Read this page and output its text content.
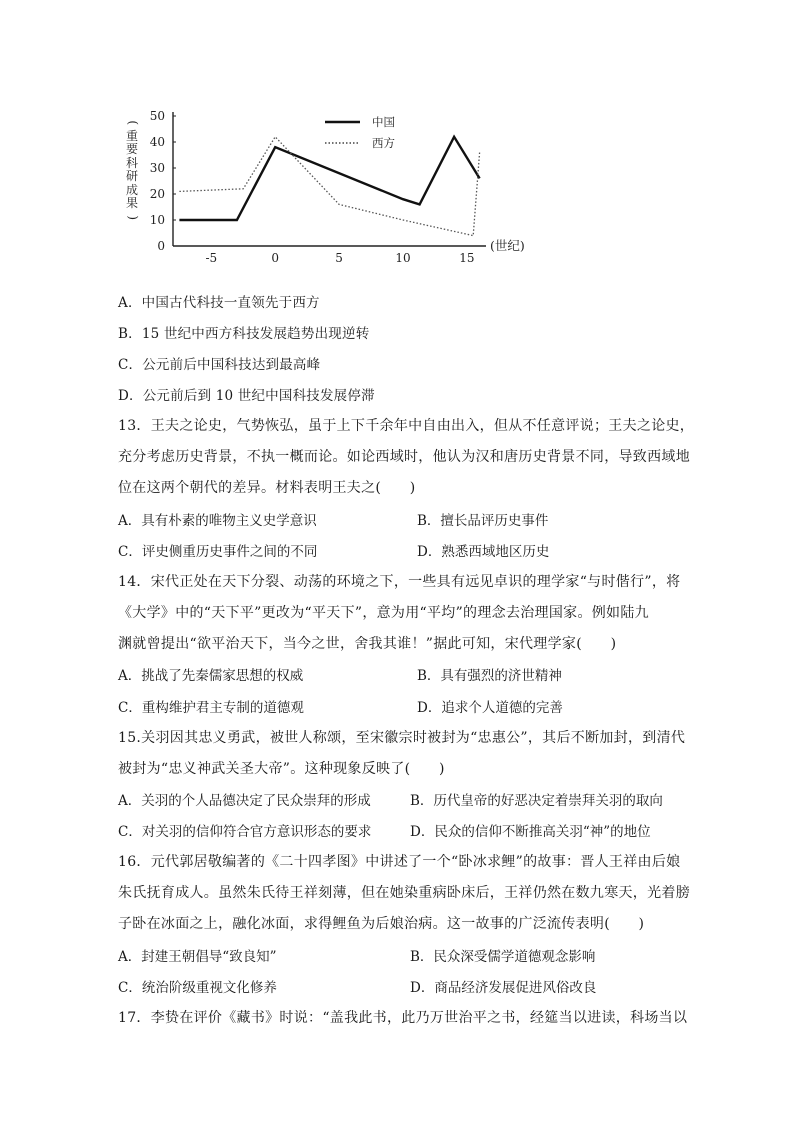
0
10
20
30
40
50
-5	0	5	10	15
(世纪)
中国
西方
(
重
要
科
研
成
果
)
A．中国古代科技一直领先于西方
B．15 世纪中西方科技发展趋势出现逆转
C．公元前后中国科技达到最高峰
D．公元前后到 10 世纪中国科技发展停滞
13．王夫之论史，气势恢弘，虽于上下千余年中自由出入，但从不任意评说；王夫之论史，
充分考虑历史背景，不执一概而论。如论西域时，他认为汉和唐历史背景不同，导致西域地
位在这两个朝代的差异。材料表明王夫之(　　)
A．具有朴素的唯物主义史学意识	B．擅长品评历史事件
C．评史侧重历史事件之间的不同	D．熟悉西域地区历史
14．宋代正处在天下分裂、动荡的环境之下，一些具有远见卓识的理学家“与时偕行”，将
《大学》中的“天下平”更改为“平天下”，意为用“平均”的理念去治理国家。例如陆九
渊就曾提出“欲平治天下，当今之世，舍我其谁！”据此可知，宋代理学家(　　)
A．挑战了先秦儒家思想的权威	B．具有强烈的济世精神
C．重构维护君主专制的道德观	D．追求个人道德的完善
15.关羽因其忠义勇武，被世人称颂，至宋徽宗时被封为“忠惠公”，其后不断加封，到清代
被封为“忠义神武关圣大帝”。这种现象反映了(　　)
A．关羽的个人品德决定了民众崇拜的形成	B．历代皇帝的好恶决定着崇拜关羽的取向
C．对关羽的信仰符合官方意识形态的要求	D．民众的信仰不断推高关羽“神”的地位
16．元代郭居敬编著的《二十四孝图》中讲述了一个“卧冰求鲤”的故事：晋人王祥由后娘
朱氏抚育成人。虽然朱氏待王祥刻薄，但在她染重病卧床后，王祥仍然在数九寒天，光着膀
子卧在冰面之上，融化冰面，求得鲤鱼为后娘治病。这一故事的广泛流传表明(　　)
A．封建王朝倡导“致良知”	B．民众深受儒学道德观念影响
C．统治阶级重视文化修养	D．商品经济发展促进风俗改良
17．李贽在评价《藏书》时说：“盖我此书，此乃万世治平之书，经筵当以进读，科场当以
